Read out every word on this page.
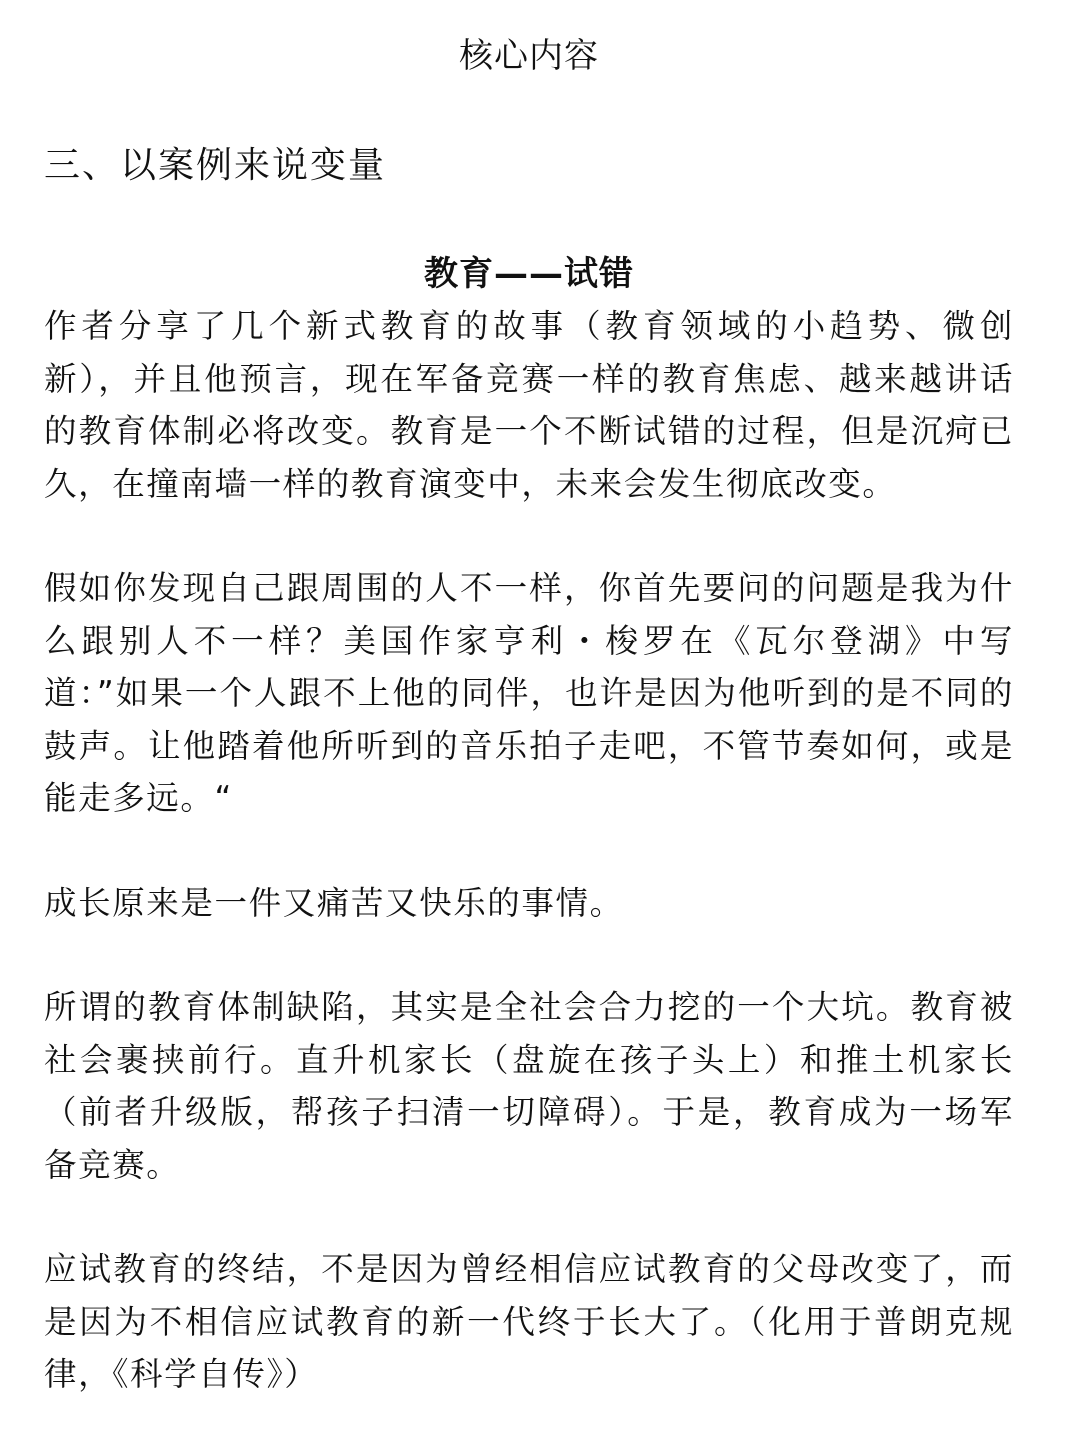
核心内容
三、以案例来说变量
教育——试错

作者分享了几个新式教育的故事（教育领域的小趋势、微创新），并且他预言，现在军备竞赛一样的教育焦虑、越来越讲话的教育体制必将改变。教育是一个不断试错的过程，但是沉疴已久，在撞南墙一样的教育演变中，未来会发生彻底改变。

假如你发现自己跟周围的人不一样，你首先要问的问题是我为什么跟别人不一样？美国作家亨利・梭罗在《瓦尔登湖》中写道：”如果一个人跟不上他的同伴，也许是因为他听到的是不同的鼓声。让他踏着他所听到的音乐拍子走吧，不管节奏如何，或是能走多远。“

成长原来是一件又痛苦又快乐的事情。

所谓的教育体制缺陷，其实是全社会合力挖的一个大坑。教育被社会裹挟前行。直升机家长（盘旋在孩子头上）和推土机家长（前者升级版，帮孩子扫清一切障碍）。于是，教育成为一场军备竞赛。

应试教育的终结，不是因为曾经相信应试教育的父母改变了，而是因为不相信应试教育的新一代终于长大了。（化用于普朗克规律，《科学自传》）
